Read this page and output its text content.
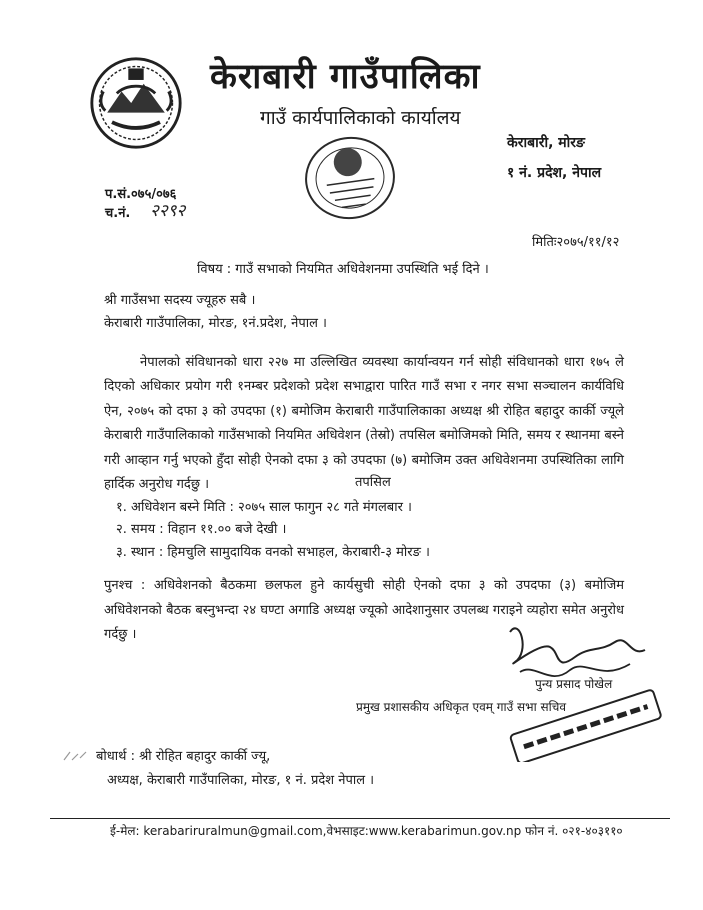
केराबारी गाउँपालिका
गाउँ कार्यपालिकाको कार्यालय
केराबारी, मोरङ
१ नं. प्रदेश, नेपाल
प.सं.०७५/०७६
च.नं. २२९२
मितिः२०७५/११/१२
विषय : गाउँ सभाको नियमित अधिवेशनमा उपस्थिति भई दिने ।
श्री गाउँसभा सदस्य ज्यूहरु सबै ।
केराबारी गाउँपालिका, मोरङ, १नं.प्रदेश, नेपाल ।
नेपालको संविधानको धारा २२७ मा उल्लिखित व्यवस्था कार्यान्वयन गर्न सोही संविधानको धारा १७५ ले दिएको अधिकार प्रयोग गरी १नम्बर प्रदेशको प्रदेश सभाद्वारा पारित गाउँ सभा र नगर सभा सञ्चालन कार्यविधि ऐन, २०७५ को दफा ३ को उपदफा (१) बमोजिम केराबारी गाउँपालिकाका अध्यक्ष श्री रोहित बहादुर कार्की ज्यूले केराबारी गाउँपालिकाको गाउँसभाको नियमित अधिवेशन (तेस्रो) तपसिल बमोजिमको मिति, समय र स्थानमा बस्ने गरी आव्हान गर्नु भएको हुँदा सोही ऐनको दफा ३ को उपदफा (७) बमोजिम उक्त अधिवेशनमा उपस्थितिका लागि हार्दिक अनुरोध गर्दछु ।	तपसिल
१. अधिवेशन बस्ने मिति : २०७५ साल फागुन २८ गते मंगलबार ।
२. समय : विहान ११.०० बजे देखी ।
३. स्थान : हिमचुलि सामुदायिक वनको सभाहल, केराबारी-३ मोरङ ।
पुनश्च : अधिवेशनको बैठकमा छलफल हुने कार्यसुची सोही ऐनको दफा ३ को उपदफा (३) बमोजिम अधिवेशनको बैठक बस्नुभन्दा २४ घण्टा अगाडि अध्यक्ष ज्यूको आदेशानुसार उपलब्ध गराइने व्यहोरा समेत अनुरोध गर्दछु ।
पुन्य प्रसाद पोखेल
प्रमुख प्रशासकीय अधिकृत एवम् गाउँ सभा सचिव
बोधार्थ : श्री रोहित बहादुर कार्की ज्यू,
अध्यक्ष, केराबारी गाउँपालिका, मोरङ, १ नं. प्रदेश नेपाल ।
ई-मेल: kerabariruralmun@gmail.com,वेभसाइट:www.kerabarimun.gov.np फोन नं. ०२१-४०३११०
